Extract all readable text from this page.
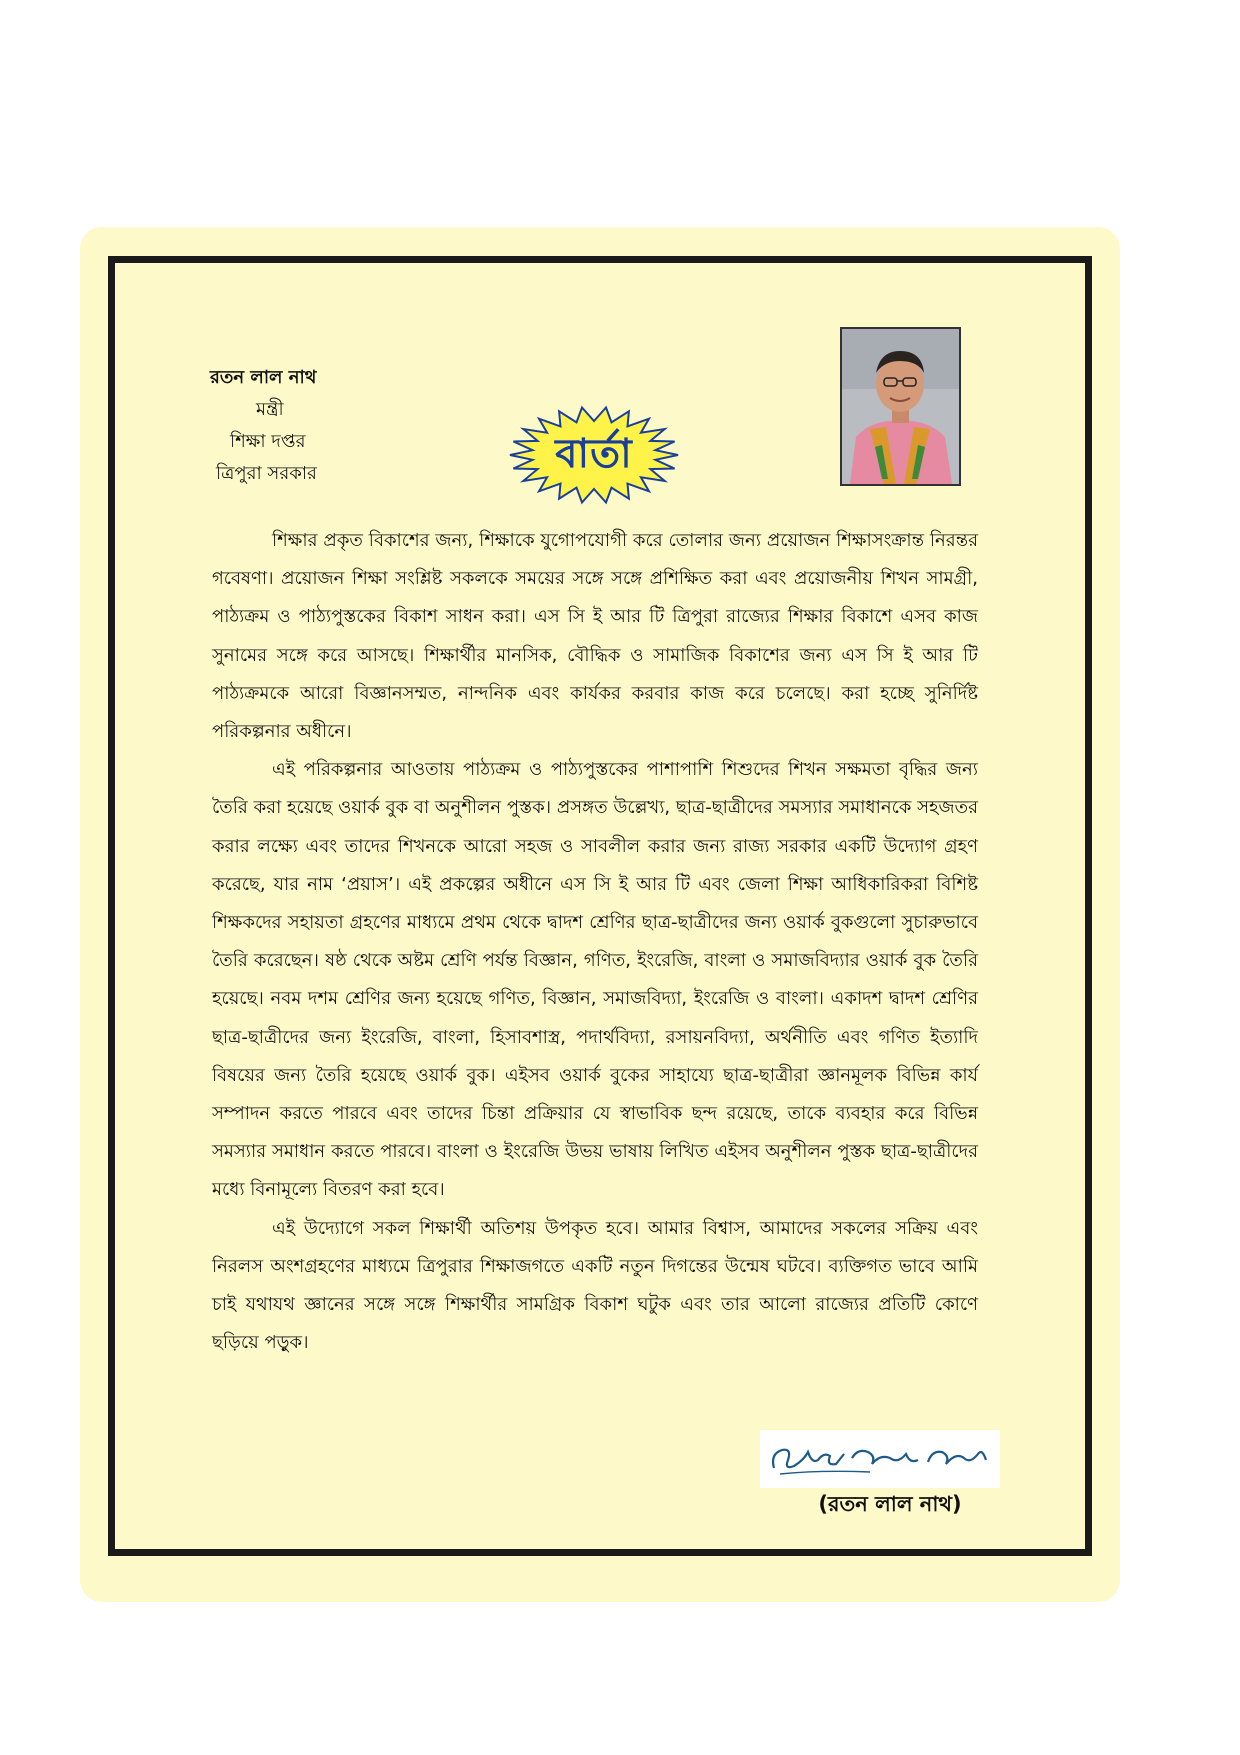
রতন লাল নাথ
মন্ত্রী
শিক্ষা দপ্তর
ত্রিপুরা সরকার	বার্তা

শিক্ষার প্রকৃত বিকাশের জন্য, শিক্ষাকে যুগোপযোগী করে তোলার জন্য প্রয়োজন শিক্ষাসংক্রান্ত নিরন্তর গবেষণা। প্রয়োজন শিক্ষা সংশ্লিষ্ট সকলকে সময়ের সঙ্গে সঙ্গে প্রশিক্ষিত করা এবং প্রয়োজনীয় শিখন সামগ্রী, পাঠ্যক্রম ও পাঠ্যপুস্তকের বিকাশ সাধন করা। এস সি ই আর টি ত্রিপুরা রাজ্যের শিক্ষার বিকাশে এসব কাজ সুনামের সঙ্গে করে আসছে। শিক্ষার্থীর মানসিক, বৌদ্ধিক ও সামাজিক বিকাশের জন্য এস সি ই আর টি পাঠ্যক্রমকে আরো বিজ্ঞানসম্মত, নান্দনিক এবং কার্যকর করবার কাজ করে চলেছে। করা হচ্ছে সুনির্দিষ্ট পরিকল্পনার অধীনে।

এই পরিকল্পনার আওতায় পাঠ্যক্রম ও পাঠ্যপুস্তকের পাশাপাশি শিশুদের শিখন সক্ষমতা বৃদ্ধির জন্য তৈরি করা হয়েছে ওয়ার্ক বুক বা অনুশীলন পুস্তক। প্রসঙ্গত উল্লেখ্য, ছাত্র-ছাত্রীদের সমস্যার সমাধানকে সহজতর করার লক্ষ্যে এবং তাদের শিখনকে আরো সহজ ও সাবলীল করার জন্য রাজ্য সরকার একটি উদ্যোগ গ্রহণ করেছে, যার নাম ‘প্রয়াস’। এই প্রকল্পের অধীনে এস সি ই আর টি এবং জেলা শিক্ষা আধিকারিকরা বিশিষ্ট শিক্ষকদের সহায়তা গ্রহণের মাধ্যমে প্রথম থেকে দ্বাদশ শ্রেণির ছাত্র-ছাত্রীদের জন্য ওয়ার্ক বুকগুলো সুচারুভাবে তৈরি করেছেন। ষষ্ঠ থেকে অষ্টম শ্রেণি পর্যন্ত বিজ্ঞান, গণিত, ইংরেজি, বাংলা ও সমাজবিদ্যার ওয়ার্ক বুক তৈরি হয়েছে। নবম দশম শ্রেণির জন্য হয়েছে গণিত, বিজ্ঞান, সমাজবিদ্যা, ইংরেজি ও বাংলা। একাদশ দ্বাদশ শ্রেণির ছাত্র-ছাত্রীদের জন্য ইংরেজি, বাংলা, হিসাবশাস্ত্র, পদার্থবিদ্যা, রসায়নবিদ্যা, অর্থনীতি এবং গণিত ইত্যাদি বিষয়ের জন্য তৈরি হয়েছে ওয়ার্ক বুক। এইসব ওয়ার্ক বুকের সাহায্যে ছাত্র-ছাত্রীরা জ্ঞানমূলক বিভিন্ন কার্য সম্পাদন করতে পারবে এবং তাদের চিন্তা প্রক্রিয়ার যে স্বাভাবিক ছন্দ রয়েছে, তাকে ব্যবহার করে বিভিন্ন সমস্যার সমাধান করতে পারবে। বাংলা ও ইংরেজি উভয় ভাষায় লিখিত এইসব অনুশীলন পুস্তক ছাত্র-ছাত্রীদের মধ্যে বিনামূল্যে বিতরণ করা হবে।

এই উদ্যোগে সকল শিক্ষার্থী অতিশয় উপকৃত হবে। আমার বিশ্বাস, আমাদের সকলের সক্রিয় এবং নিরলস অংশগ্রহণের মাধ্যমে ত্রিপুরার শিক্ষাজগতে একটি নতুন দিগন্তের উন্মেষ ঘটবে। ব্যক্তিগত ভাবে আমি চাই যথাযথ জ্ঞানের সঙ্গে সঙ্গে শিক্ষার্থীর সামগ্রিক বিকাশ ঘটুক এবং তার আলো রাজ্যের প্রতিটি কোণে ছড়িয়ে পড়ুক।

(রতন লাল নাথ)
